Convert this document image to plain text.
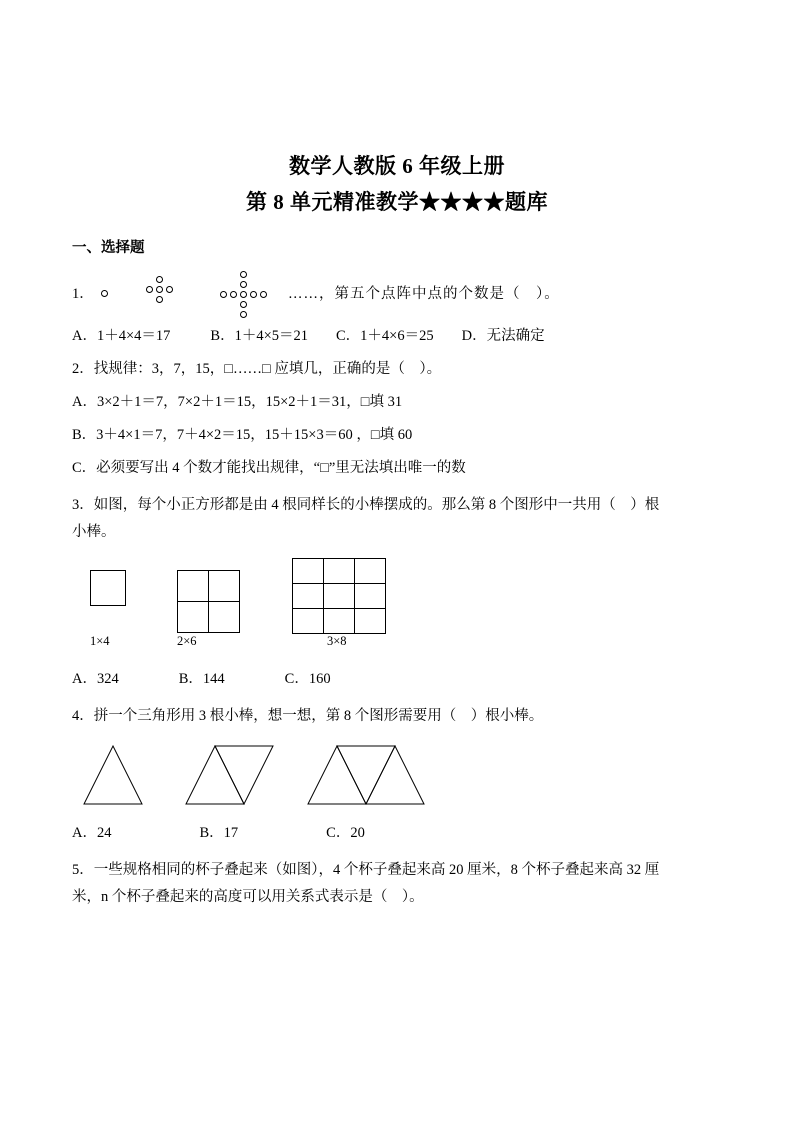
数学人教版 6 年级上册
第 8 单元精准教学★★★★题库
一、选择题
1．	……，第五个点阵中点的个数是（　）。
A．1＋4×4＝17	B．1＋4×5＝21 C．1＋4×6＝25 D．无法确定
2．找规律：3，7，15，□……□ 应填几，正确的是（　）。
A．3×2＋1＝7，7×2＋1＝15，15×2＋1＝31，□填 31
B．3＋4×1＝7，7＋4×2＝15，15＋15×3＝60 ，□填 60
C．必须要写出 4 个数才能找出规律，“□”里无法填出唯一的数
3．如图，每个小正方形都是由 4 根同样长的小棒摆成的。那么第 8 个图形中一共用（　）根
小棒。
1×4

		2×6

			3×8
A．324	B．144	C．160
4．拼一个三角形用 3 根小棒，想一想，第 8 个图形需要用（　）根小棒。
A．24	B．17	C．20
5．一些规格相同的杯子叠起来（如图），4 个杯子叠起来高 20 厘米，8 个杯子叠起来高 32 厘
米，n 个杯子叠起来的高度可以用关系式表示是（　）。
